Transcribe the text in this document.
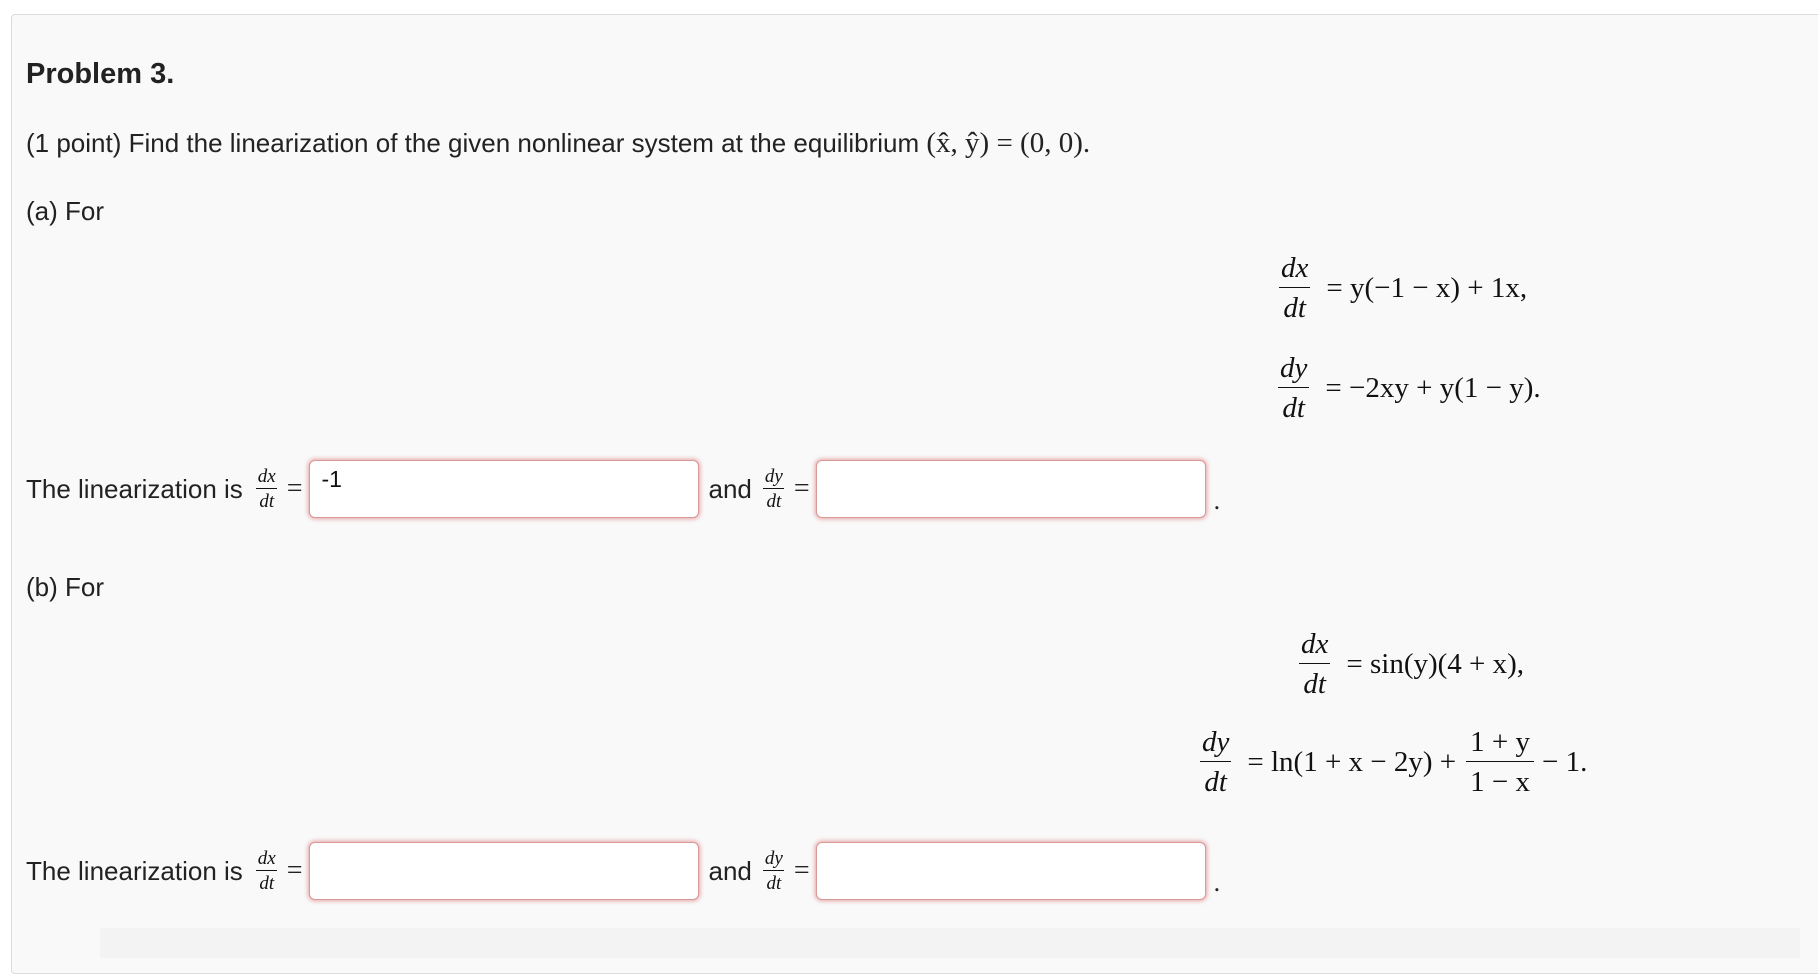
Problem 3.
(1 point) Find the linearization of the given nonlinear system at the equilibrium (x̂, ŷ) = (0, 0).
(a) For
$\frac{dx}{dt} = y(-1 - x) + 1x$,
$\frac{dy}{dt} = -2xy + y(1 - y)$.
The linearization is $\frac{dx}{dt}$ =
-1	and $\frac{dy}{dt}$ =	.
(b) For
$\frac{dx}{dt} = \sin(y)(4 + x)$,
$\frac{dy}{dt} = \ln(1 + x - 2y) + \frac{1 + y}{1 - x} - 1$.
The linearization is $\frac{dx}{dt}$ =	and $\frac{dy}{dt}$ =	.
